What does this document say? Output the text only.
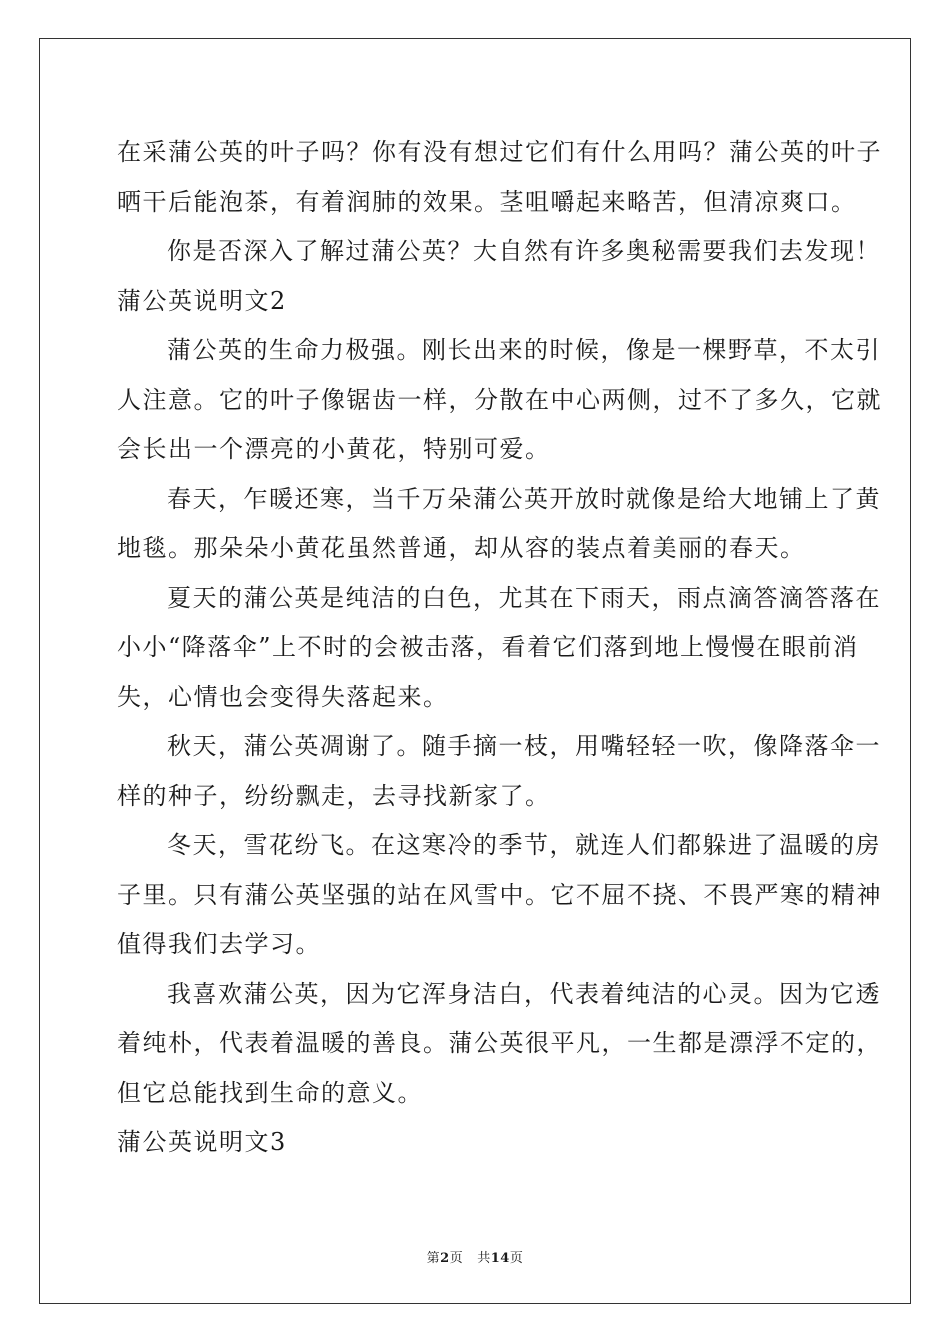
在采蒲公英的叶子吗？你有没有想过它们有什么用吗？蒲公英的叶子
晒干后能泡茶，有着润肺的效果。茎咀嚼起来略苦，但清凉爽口。
你是否深入了解过蒲公英？大自然有许多奥秘需要我们去发现！
蒲公英说明文2
蒲公英的生命力极强。刚长出来的时候，像是一棵野草，不太引
人注意。它的叶子像锯齿一样，分散在中心两侧，过不了多久，它就
会长出一个漂亮的小黄花，特别可爱。
春天，乍暖还寒，当千万朵蒲公英开放时就像是给大地铺上了黄
地毯。那朵朵小黄花虽然普通，却从容的装点着美丽的春天。
夏天的蒲公英是纯洁的白色，尤其在下雨天，雨点滴答滴答落在
小小“降落伞”上不时的会被击落，看着它们落到地上慢慢在眼前消
失，心情也会变得失落起来。
秋天，蒲公英凋谢了。随手摘一枝，用嘴轻轻一吹，像降落伞一
样的种子，纷纷飘走，去寻找新家了。
冬天，雪花纷飞。在这寒冷的季节，就连人们都躲进了温暖的房
子里。只有蒲公英坚强的站在风雪中。它不屈不挠、不畏严寒的精神
值得我们去学习。
我喜欢蒲公英，因为它浑身洁白，代表着纯洁的心灵。因为它透
着纯朴，代表着温暖的善良。蒲公英很平凡，一生都是漂浮不定的，
但它总能找到生命的意义。
蒲公英说明文3
第2页 共14页
